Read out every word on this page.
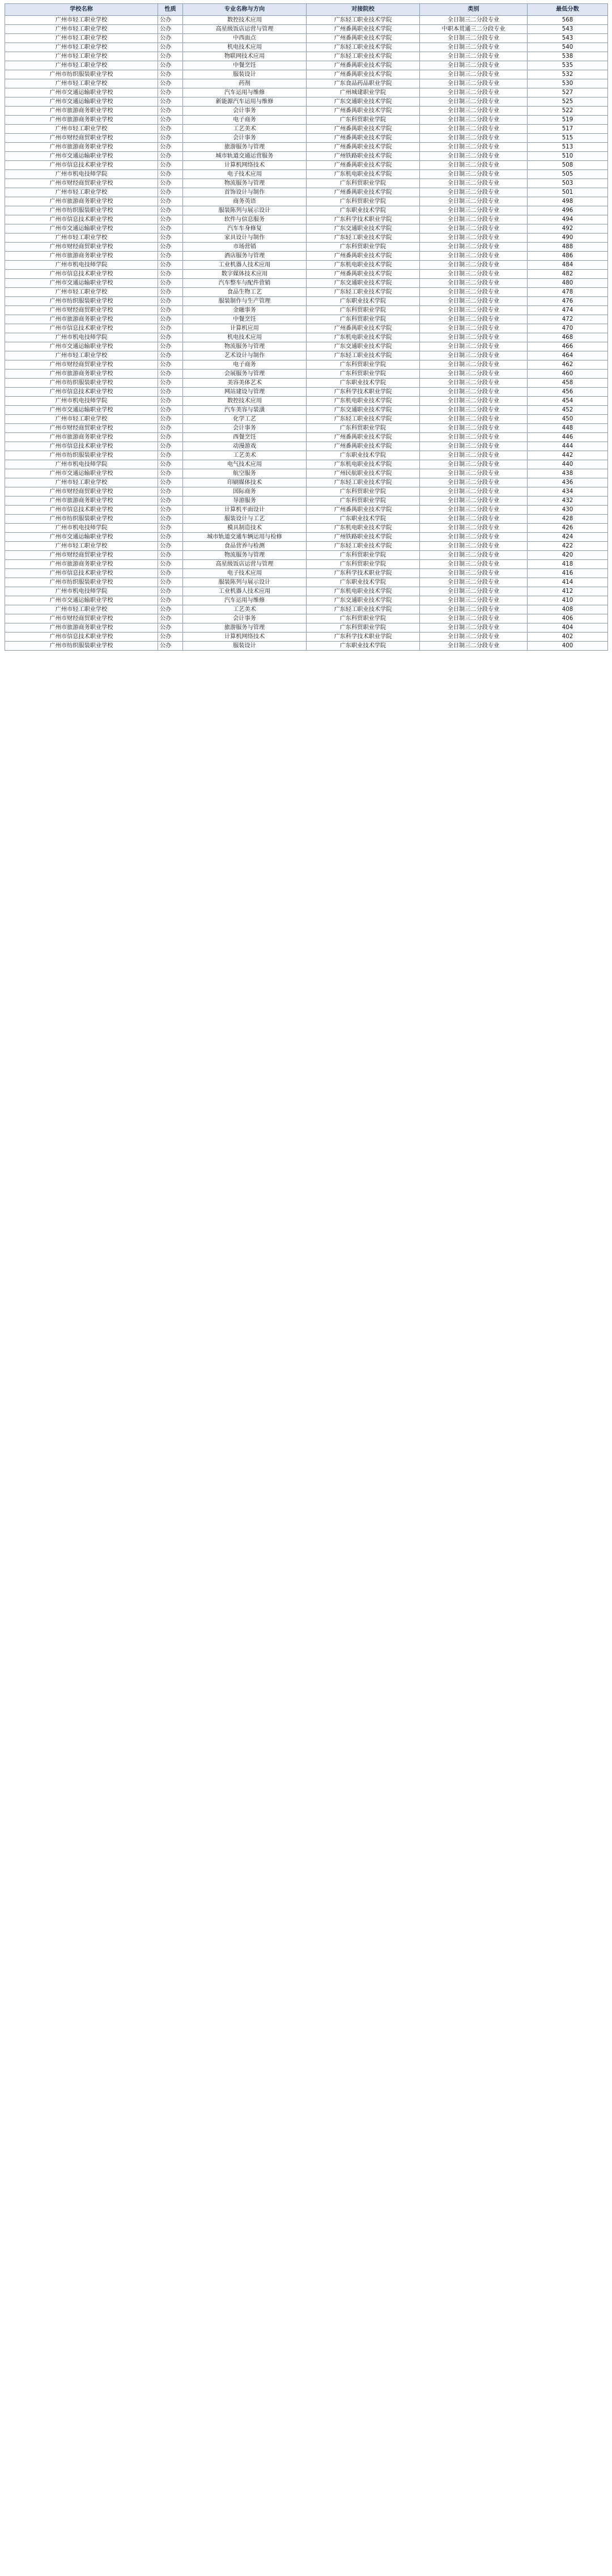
学校名称	性质	专业名称与方向	对接院校	类别	最低分数
广州市轻工职业学校	公办	数控技术应用	广东轻工职业技术学院	全日制三二分段专业	568
广州市轻工职业学校	公办	高星级饭店运营与管理	广州番禺职业技术学院	中职本贯通三二分段专业	543
广州市轻工职业学校	公办	中西面点	广州番禺职业技术学院	全日制三二分段专业	543
广州市轻工职业学校	公办	机电技术应用	广东轻工职业技术学院	全日制三二分段专业	540
广州市轻工职业学校	公办	物联网技术应用	广东轻工职业技术学院	全日制三二分段专业	538
广州市轻工职业学校	公办	中餐烹饪	广州番禺职业技术学院	全日制三二分段专业	535
广州市纺织服装职业学校	公办	服装设计	广州番禺职业技术学院	全日制三二分段专业	532
广州市轻工职业学校	公办	药剂	广东食品药品职业学院	全日制三二分段专业	530
广州市交通运输职业学校	公办	汽车运用与维修	广州城建职业学院	全日制三二分段专业	527
广州市交通运输职业学校	公办	新能源汽车运用与维修	广东交通职业技术学院	全日制三二分段专业	525
广州市旅游商务职业学校	公办	会计事务	广州番禺职业技术学院	全日制三二分段专业	522
广州市旅游商务职业学校	公办	电子商务	广东科贸职业学院	全日制三二分段专业	519
广州市轻工职业学校	公办	工艺美术	广州番禺职业技术学院	全日制三二分段专业	517
广州市财经商贸职业学校	公办	会计事务	广州番禺职业技术学院	全日制三二分段专业	515
广州市旅游商务职业学校	公办	旅游服务与管理	广州番禺职业技术学院	全日制三二分段专业	513
广州市交通运输职业学校	公办	城市轨道交通运营服务	广州铁路职业技术学院	全日制三二分段专业	510
广州市信息技术职业学校	公办	计算机网络技术	广州番禺职业技术学院	全日制三二分段专业	508
广州市机电技师学院	公办	电子技术应用	广东机电职业技术学院	全日制三二分段专业	505
广州市财经商贸职业学校	公办	物流服务与管理	广东科贸职业学院	全日制三二分段专业	503
广州市轻工职业学校	公办	首饰设计与制作	广州番禺职业技术学院	全日制三二分段专业	501
广州市旅游商务职业学校	公办	商务英语	广东科贸职业学院	全日制三二分段专业	498
广州市纺织服装职业学校	公办	服装陈列与展示设计	广东职业技术学院	全日制三二分段专业	496
广州市信息技术职业学校	公办	软件与信息服务	广东科学技术职业学院	全日制三二分段专业	494
广州市交通运输职业学校	公办	汽车车身修复	广东交通职业技术学院	全日制三二分段专业	492
广州市轻工职业学校	公办	家具设计与制作	广东轻工职业技术学院	全日制三二分段专业	490
广州市财经商贸职业学校	公办	市场营销	广东科贸职业学院	全日制三二分段专业	488
广州市旅游商务职业学校	公办	酒店服务与管理	广州番禺职业技术学院	全日制三二分段专业	486
广州市机电技师学院	公办	工业机器人技术应用	广东机电职业技术学院	全日制三二分段专业	484
广州市信息技术职业学校	公办	数字媒体技术应用	广州番禺职业技术学院	全日制三二分段专业	482
广州市交通运输职业学校	公办	汽车整车与配件营销	广东交通职业技术学院	全日制三二分段专业	480
广州市轻工职业学校	公办	食品生物工艺	广东轻工职业技术学院	全日制三二分段专业	478
广州市纺织服装职业学校	公办	服装制作与生产管理	广东职业技术学院	全日制三二分段专业	476
广州市财经商贸职业学校	公办	金融事务	广东科贸职业学院	全日制三二分段专业	474
广州市旅游商务职业学校	公办	中餐烹饪	广东科贸职业学院	全日制三二分段专业	472
广州市信息技术职业学校	公办	计算机应用	广州番禺职业技术学院	全日制三二分段专业	470
广州市机电技师学院	公办	机电技术应用	广东机电职业技术学院	全日制三二分段专业	468
广州市交通运输职业学校	公办	物流服务与管理	广东交通职业技术学院	全日制三二分段专业	466
广州市轻工职业学校	公办	艺术设计与制作	广东轻工职业技术学院	全日制三二分段专业	464
广州市财经商贸职业学校	公办	电子商务	广东科贸职业学院	全日制三二分段专业	462
广州市旅游商务职业学校	公办	会展服务与管理	广东科贸职业学院	全日制三二分段专业	460
广州市纺织服装职业学校	公办	美容美体艺术	广东职业技术学院	全日制三二分段专业	458
广州市信息技术职业学校	公办	网站建设与管理	广东科学技术职业学院	全日制三二分段专业	456
广州市机电技师学院	公办	数控技术应用	广东机电职业技术学院	全日制三二分段专业	454
广州市交通运输职业学校	公办	汽车美容与装潢	广东交通职业技术学院	全日制三二分段专业	452
广州市轻工职业学校	公办	化学工艺	广东轻工职业技术学院	全日制三二分段专业	450
广州市财经商贸职业学校	公办	会计事务	广东科贸职业学院	全日制三二分段专业	448
广州市旅游商务职业学校	公办	西餐烹饪	广州番禺职业技术学院	全日制三二分段专业	446
广州市信息技术职业学校	公办	动漫游戏	广州番禺职业技术学院	全日制三二分段专业	444
广州市纺织服装职业学校	公办	工艺美术	广东职业技术学院	全日制三二分段专业	442
广州市机电技师学院	公办	电气技术应用	广东机电职业技术学院	全日制三二分段专业	440
广州市交通运输职业学校	公办	航空服务	广州民航职业技术学院	全日制三二分段专业	438
广州市轻工职业学校	公办	印刷媒体技术	广东轻工职业技术学院	全日制三二分段专业	436
广州市财经商贸职业学校	公办	国际商务	广东科贸职业学院	全日制三二分段专业	434
广州市旅游商务职业学校	公办	导游服务	广东科贸职业学院	全日制三二分段专业	432
广州市信息技术职业学校	公办	计算机平面设计	广州番禺职业技术学院	全日制三二分段专业	430
广州市纺织服装职业学校	公办	服装设计与工艺	广东职业技术学院	全日制三二分段专业	428
广州市机电技师学院	公办	模具制造技术	广东机电职业技术学院	全日制三二分段专业	426
广州市交通运输职业学校	公办	城市轨道交通车辆运用与检修	广州铁路职业技术学院	全日制三二分段专业	424
广州市轻工职业学校	公办	食品营养与检测	广东轻工职业技术学院	全日制三二分段专业	422
广州市财经商贸职业学校	公办	物流服务与管理	广东科贸职业学院	全日制三二分段专业	420
广州市旅游商务职业学校	公办	高星级饭店运营与管理	广东科贸职业学院	全日制三二分段专业	418
广州市信息技术职业学校	公办	电子技术应用	广东科学技术职业学院	全日制三二分段专业	416
广州市纺织服装职业学校	公办	服装陈列与展示设计	广东职业技术学院	全日制三二分段专业	414
广州市机电技师学院	公办	工业机器人技术应用	广东机电职业技术学院	全日制三二分段专业	412
广州市交通运输职业学校	公办	汽车运用与维修	广东交通职业技术学院	全日制三二分段专业	410
广州市轻工职业学校	公办	工艺美术	广东轻工职业技术学院	全日制三二分段专业	408
广州市财经商贸职业学校	公办	会计事务	广东科贸职业学院	全日制三二分段专业	406
广州市旅游商务职业学校	公办	旅游服务与管理	广东科贸职业学院	全日制三二分段专业	404
广州市信息技术职业学校	公办	计算机网络技术	广东科学技术职业学院	全日制三二分段专业	402
广州市纺织服装职业学校	公办	服装设计	广东职业技术学院	全日制三二分段专业	400
